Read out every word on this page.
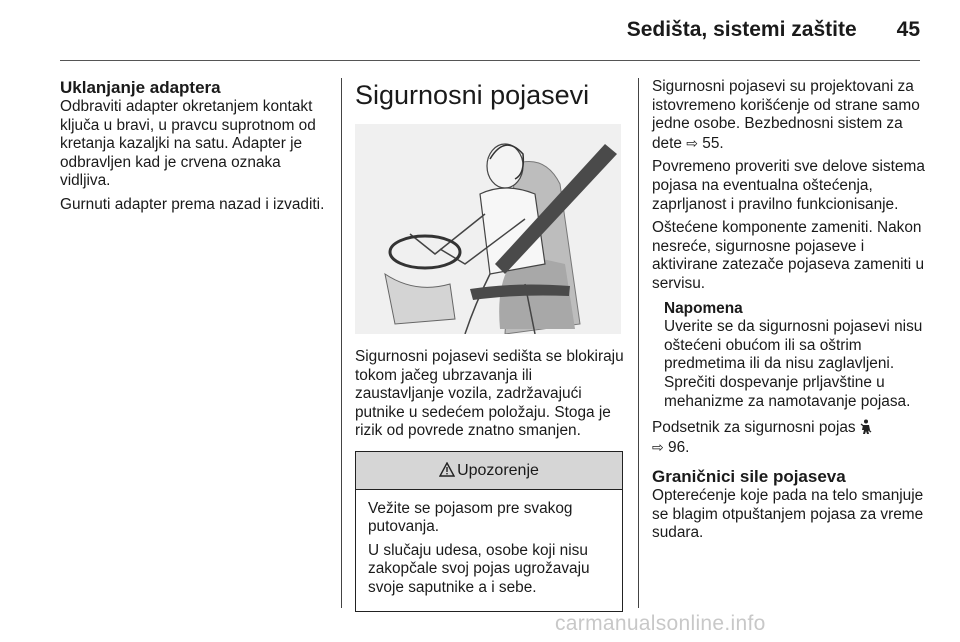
Sedišta, sistemi zaštite 45
Uklanjanje adaptera

Odbraviti adapter okretanjem kontakt ključa u bravi, u pravcu suprotnom od kretanja kazaljki na satu. Adapter je odbravljen kad je crvena oznaka vidljiva.

Gurnuti adapter prema nazad i izvaditi.

Sigurnosni pojasevi

Sigurnosni pojasevi sedišta se blokiraju tokom jačeg ubrzavanja ili zaustavljanje vozila, zadržavajući putnike u sedećem položaju. Stoga je rizik od povrede znatno smanjen.

Upozorenje

Vežite se pojasom pre svakog putovanja.

U slučaju udesa, osobe koji nisu zakopčale svoj pojas ugrožavaju svoje saputnike a i sebe.

Sigurnosni pojasevi su projektovani za istovremeno korišćenje od strane samo jedne osobe. Bezbednosni sistem za dete ⇨ 55.

Povremeno proveriti sve delove sistema pojasa na eventualna oštećenja, zaprljanost i pravilno funkcionisanje.

Oštećene komponente zameniti. Nakon nesreće, sigurnosne pojaseve i aktivirane zatezače pojaseva zameniti u servisu.

Napomena
Uverite se da sigurnosni pojasevi nisu oštećeni obućom ili sa oštrim predmetima ili da nisu zaglavljeni. Sprečiti dospevanje prljavštine u mehanizme za namotavanje pojasa.

Podsetnik za sigurnosni pojas
⇨ 96.

Graničnici sile pojaseva

Opterećenje koje pada na telo smanjuje se blagim otpuštanjem pojasa za vreme sudara.

carmanualsonline.info
